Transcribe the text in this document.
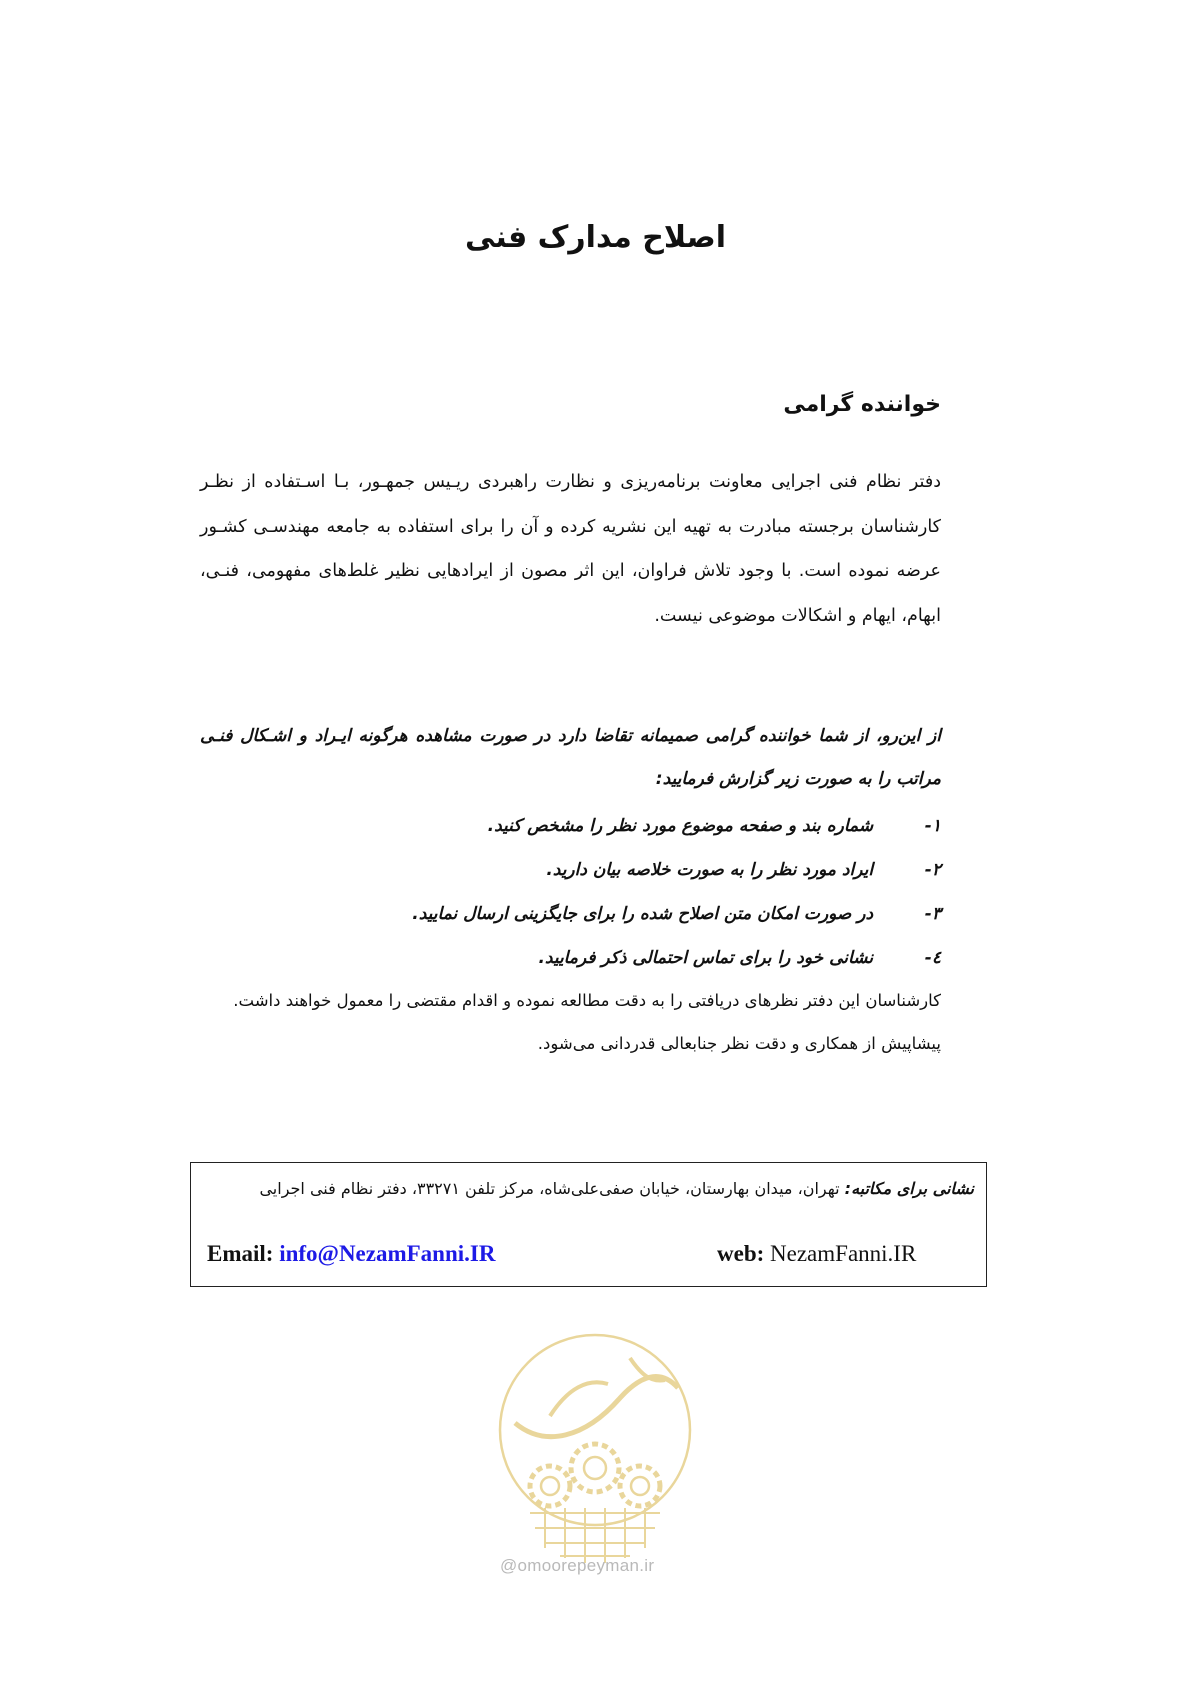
اصلاح مدارک فنی
خواننده گرامی

دفتر نظام فنی اجرایی معاونت برنامه‌ریزی و نظارت راهبردی ریـیس جمهـور، بـا اسـتفاده از نظـر کارشناسان برجسته مبادرت به تهیه این نشریه کرده و آن را برای استفاده به جامعه مهندسـی کشـور عرضه نموده است. با وجود تلاش فراوان، این اثر مصون از ایرادهایی نظیر غلط‌های مفهومی، فنـی، ابهام، ایهام و اشکالات موضوعی نیست.

از این‌رو، از شما خواننده گرامی صمیمانه تقاضا دارد در صورت مشاهده هرگونه ایـراد و اشـکال فنـی مراتب را به صورت زیر گزارش فرمایید:

۱- شماره بند و صفحه موضوع مورد نظر را مشخص کنید.
۲- ایراد مورد نظر را به صورت خلاصه بیان دارید.
۳- در صورت امکان متن اصلاح شده را برای جایگزینی ارسال نمایید.
٤- نشانی خود را برای تماس احتمالی ذکر فرمایید.
کارشناسان این دفتر نظرهای دریافتی را به دقت مطالعه نموده و اقدام مقتضی را معمول خواهند داشت.
پیشاپیش از همکاری و دقت نظر جنابعالی قدردانی می‌شود.
نشانی برای مکاتبه: تهران، میدان بهارستان، خیابان صفی‌علی‌شاه، مرکز تلفن ۳۳۲۷۱، دفتر نظام فنی اجرایی
Email: info@NezamFanni.IR	web: NezamFanni.IR
@omoorepeyman.ir
